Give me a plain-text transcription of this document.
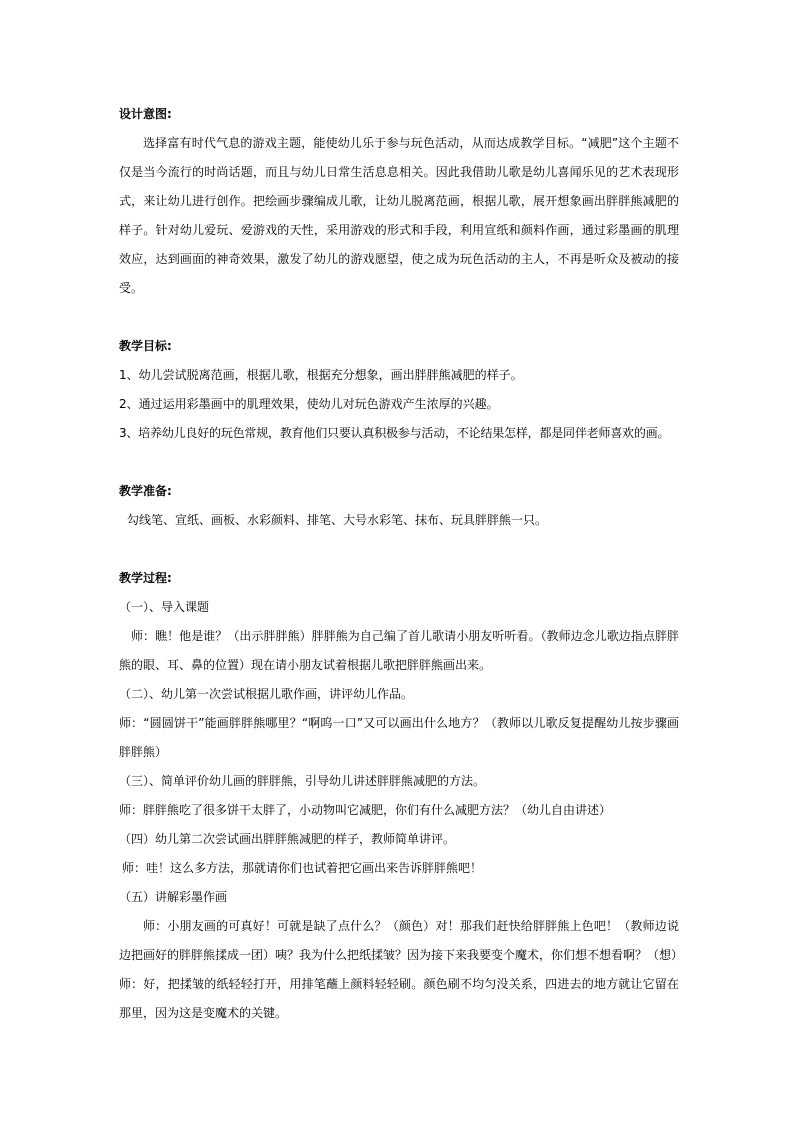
设计意图:

选择富有时代气息的游戏主题，能使幼儿乐于参与玩色活动，从而达成教学目标。“减肥”这个主题不仅是当今流行的时尚话题，而且与幼儿日常生活息息相关。因此我借助儿歌是幼儿喜闻乐见的艺术表现形式，来让幼儿进行创作。把绘画步骤编成儿歌，让幼儿脱离范画，根据儿歌，展开想象画出胖胖熊减肥的样子。针对幼儿爱玩、爱游戏的天性，采用游戏的形式和手段，利用宣纸和颜料作画，通过彩墨画的肌理效应，达到画面的神奇效果，激发了幼儿的游戏愿望，使之成为玩色活动的主人，不再是听众及被动的接受。

教学目标:

1、幼儿尝试脱离范画，根据儿歌，根据充分想象，画出胖胖熊减肥的样子。

2、通过运用彩墨画中的肌理效果，使幼儿对玩色游戏产生浓厚的兴趣。

3、培养幼儿良好的玩色常规，教育他们只要认真积极参与活动，不论结果怎样，都是同伴老师喜欢的画。

教学准备:

勾线笔、宣纸、画板、水彩颜料、排笔、大号水彩笔、抹布、玩具胖胖熊一只。

教学过程:

（一）、导入课题

师：瞧！他是谁？（出示胖胖熊）胖胖熊为自己编了首儿歌请小朋友听听看。（教师边念儿歌边指点胖胖熊的眼、耳、鼻的位置）现在请小朋友试着根据儿歌把胖胖熊画出来。

（二）、幼儿第一次尝试根据儿歌作画，讲评幼儿作品。

师：“圆圆饼干”能画胖胖熊哪里？“啊呜一口”又可以画出什么地方？（教师以儿歌反复提醒幼儿按步骤画胖胖熊）

（三）、简单评价幼儿画的胖胖熊，引导幼儿讲述胖胖熊减肥的方法。

师：胖胖熊吃了很多饼干太胖了，小动物叫它减肥，你们有什么减肥方法？（幼儿自由讲述）

（四）幼儿第二次尝试画出胖胖熊减肥的样子，教师简单讲评。

师：哇！这么多方法，那就请你们也试着把它画出来告诉胖胖熊吧！

（五）讲解彩墨作画

师：小朋友画的可真好！可就是缺了点什么？（颜色）对！那我们赶快给胖胖熊上色吧！（教师边说边把画好的胖胖熊揉成一团）咦？我为什么把纸揉皱？因为接下来我要变个魔术，你们想不想看啊？（想）

师：好，把揉皱的纸轻轻打开，用排笔蘸上颜料轻轻刷。颜色刷不均匀没关系，四进去的地方就让它留在那里，因为这是变魔术的关键。
